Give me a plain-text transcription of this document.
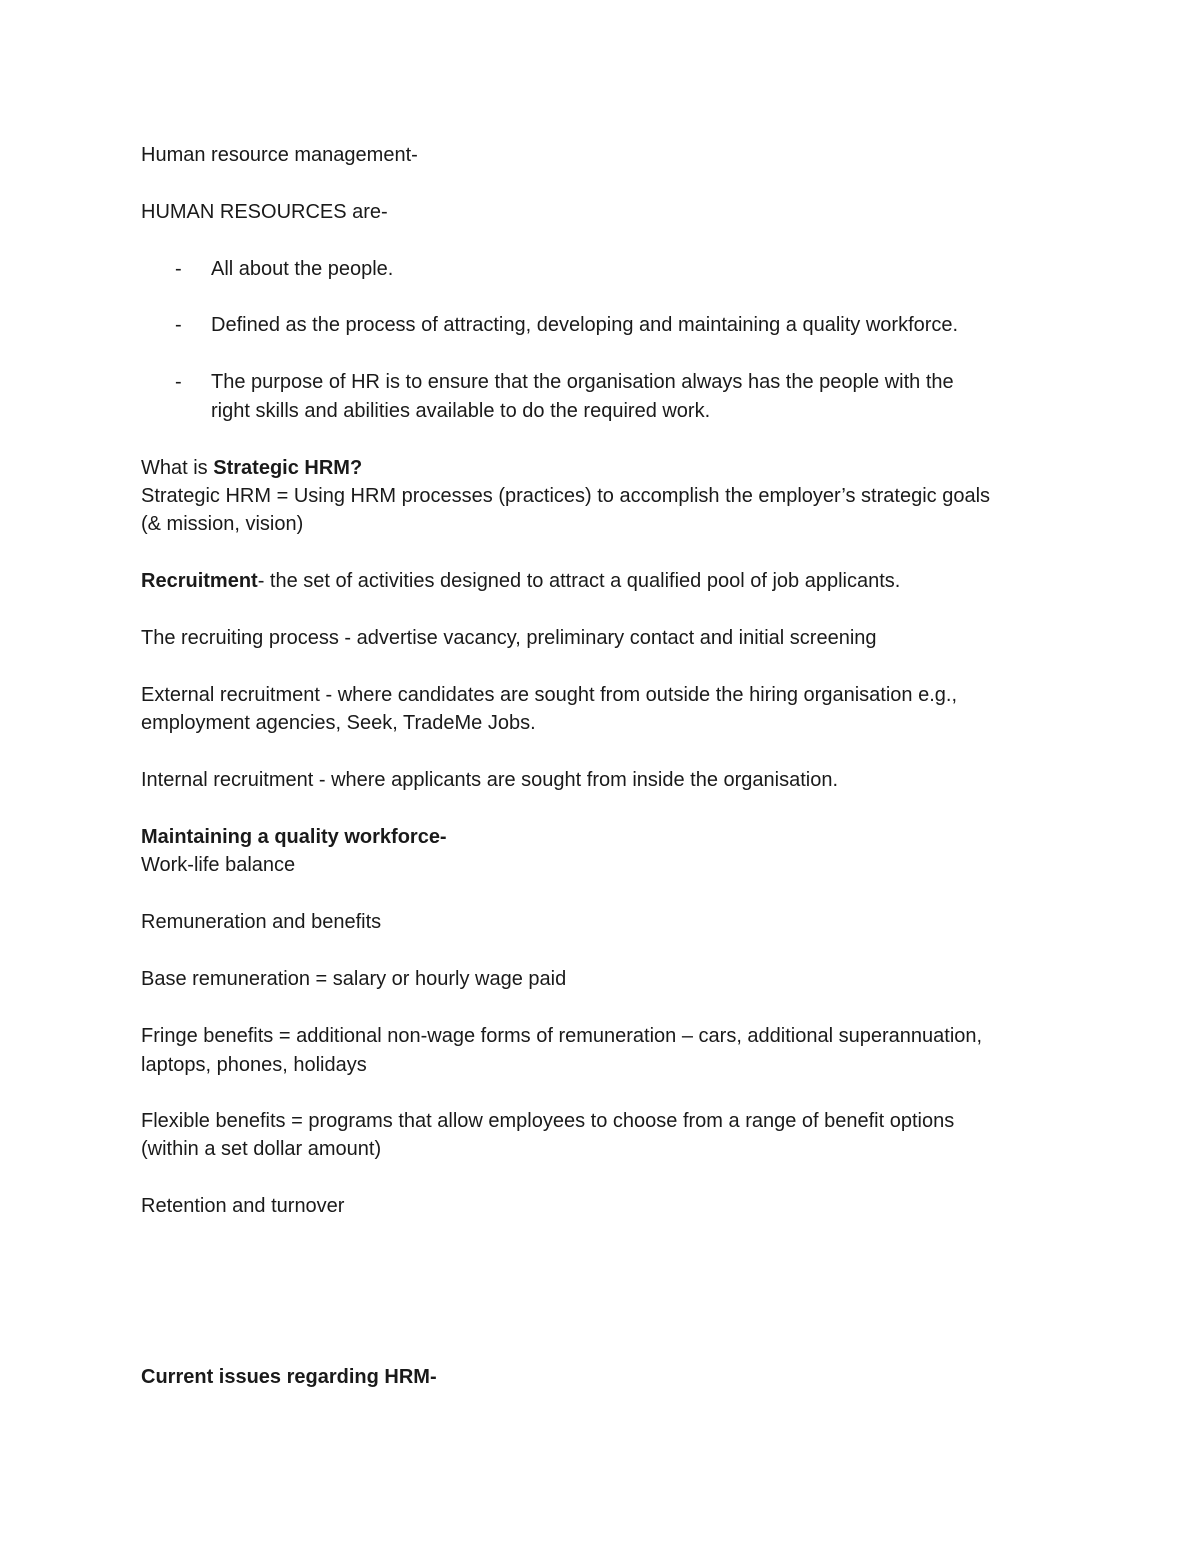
Human resource management-
HUMAN RESOURCES are-
- All about the people.
- Defined as the process of attracting, developing and maintaining a quality workforce.
- The purpose of HR is to ensure that the organisation always has the people with the
right skills and abilities available to do the required work.
What is Strategic HRM?
Strategic HRM = Using HRM processes (practices) to accomplish the employer’s strategic goals
(& mission, vision)
Recruitment- the set of activities designed to attract a qualified pool of job applicants.
The recruiting process - advertise vacancy, preliminary contact and initial screening
External recruitment - where candidates are sought from outside the hiring organisation e.g.,
employment agencies, Seek, TradeMe Jobs.
Internal recruitment - where applicants are sought from inside the organisation.
Maintaining a quality workforce-
Work-life balance
Remuneration and benefits
Base remuneration = salary or hourly wage paid
Fringe benefits = additional non-wage forms of remuneration – cars, additional superannuation,
laptops, phones, holidays
Flexible benefits = programs that allow employees to choose from a range of benefit options
(within a set dollar amount)
Retention and turnover
Current issues regarding HRM-
